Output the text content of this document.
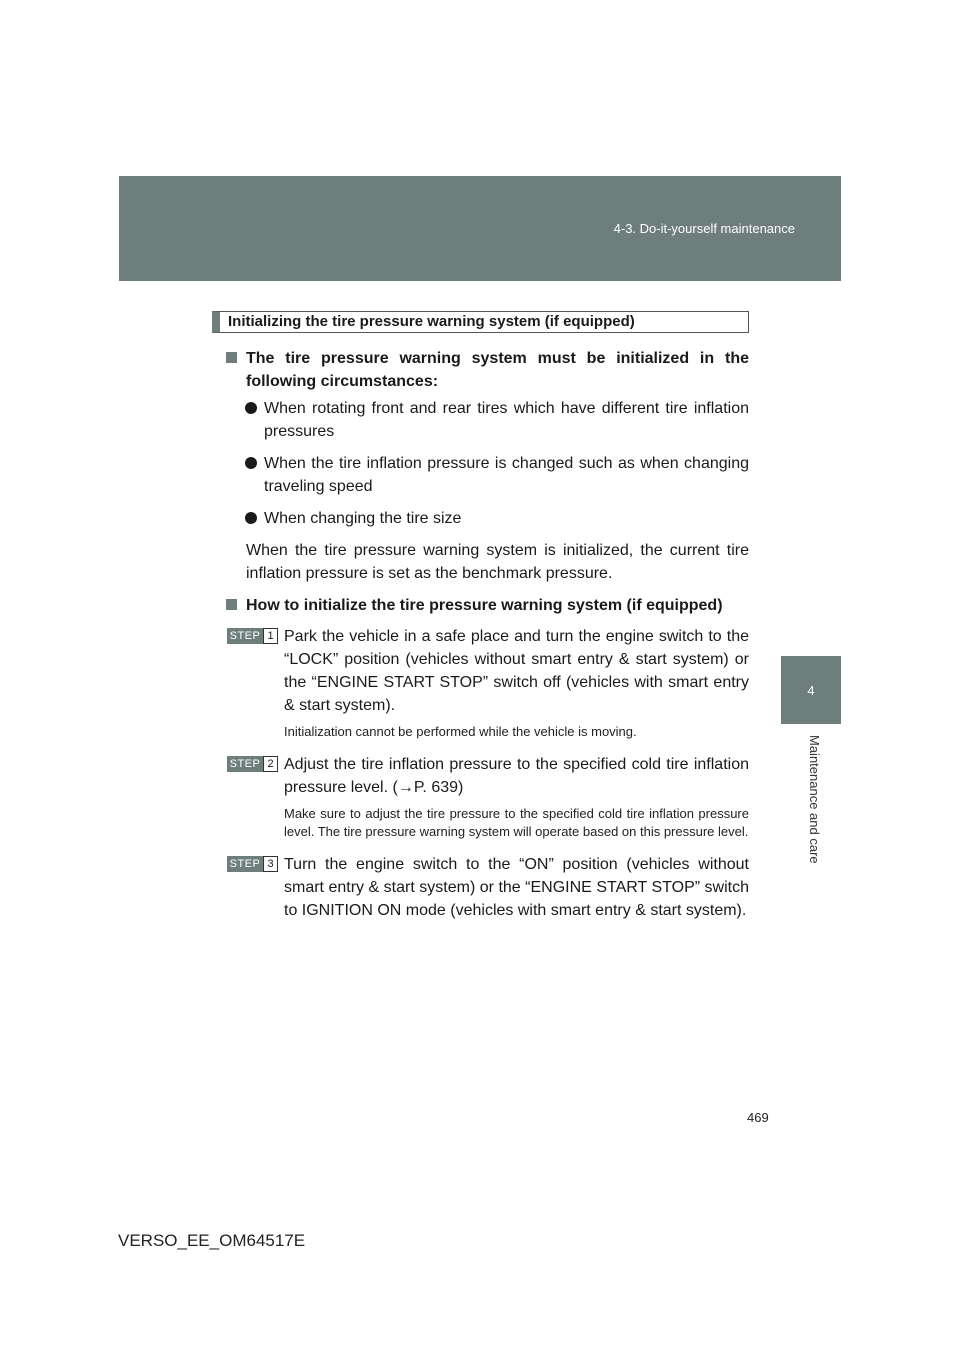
4-3. Do-it-yourself maintenance
4
Maintenance and care
Initializing the tire pressure warning system (if equipped)
The tire pressure warning system must be initialized in the following circumstances:
When rotating front and rear tires which have different tire inflation pressures
When the tire inflation pressure is changed such as when changing traveling speed
When changing the tire size

When the tire pressure warning system is initialized, the current tire inflation pressure is set as the benchmark pressure.

How to initialize the tire pressure warning system (if equipped)
STEP 1 Park the vehicle in a safe place and turn the engine switch to the “LOCK” position (vehicles without smart entry & start system) or the “ENGINE START STOP” switch off (vehicles with smart entry & start system).
Initialization cannot be performed while the vehicle is moving.
STEP 2 Adjust the tire inflation pressure to the specified cold tire inflation pressure level. (→P. 639)
Make sure to adjust the tire pressure to the specified cold tire inflation pressure level. The tire pressure warning system will operate based on this pressure level.
STEP 3 Turn the engine switch to the “ON” position (vehicles without smart entry & start system) or the “ENGINE START STOP” switch to IGNITION ON mode (vehicles with smart entry & start system).
469
VERSO_EE_OM64517E
